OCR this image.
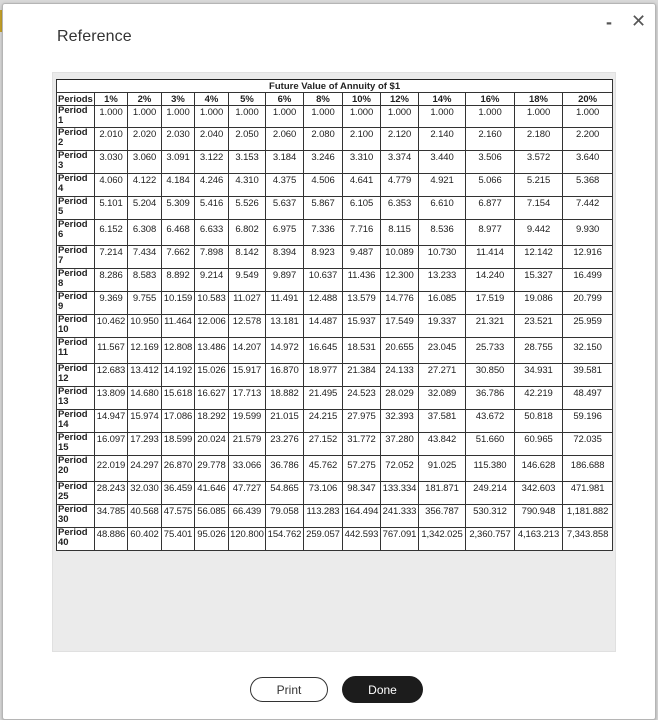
Reference
- ✕
Future Value of Annuity of $1													
Periods	1%	2%	3%	4%	5%	6%	8%	10%	12%	14%	16%	18%	20%
Period 1	1.000	1.000	1.000	1.000	1.000	1.000	1.000	1.000	1.000	1.000	1.000	1.000	1.000
Period 2	2.010	2.020	2.030	2.040	2.050	2.060	2.080	2.100	2.120	2.140	2.160	2.180	2.200
Period 3	3.030	3.060	3.091	3.122	3.153	3.184	3.246	3.310	3.374	3.440	3.506	3.572	3.640
Period 4	4.060	4.122	4.184	4.246	4.310	4.375	4.506	4.641	4.779	4.921	5.066	5.215	5.368
Period 5	5.101	5.204	5.309	5.416	5.526	5.637	5.867	6.105	6.353	6.610	6.877	7.154	7.442
Period 6	6.152	6.308	6.468	6.633	6.802	6.975	7.336	7.716	8.115	8.536	8.977	9.442	9.930
Period 7	7.214	7.434	7.662	7.898	8.142	8.394	8.923	9.487	10.089	10.730	11.414	12.142	12.916
Period 8	8.286	8.583	8.892	9.214	9.549	9.897	10.637	11.436	12.300	13.233	14.240	15.327	16.499
Period 9	9.369	9.755	10.159	10.583	11.027	11.491	12.488	13.579	14.776	16.085	17.519	19.086	20.799
Period 10	10.462	10.950	11.464	12.006	12.578	13.181	14.487	15.937	17.549	19.337	21.321	23.521	25.959
Period 11	11.567	12.169	12.808	13.486	14.207	14.972	16.645	18.531	20.655	23.045	25.733	28.755	32.150
Period 12	12.683	13.412	14.192	15.026	15.917	16.870	18.977	21.384	24.133	27.271	30.850	34.931	39.581
Period 13	13.809	14.680	15.618	16.627	17.713	18.882	21.495	24.523	28.029	32.089	36.786	42.219	48.497
Period 14	14.947	15.974	17.086	18.292	19.599	21.015	24.215	27.975	32.393	37.581	43.672	50.818	59.196
Period 15	16.097	17.293	18.599	20.024	21.579	23.276	27.152	31.772	37.280	43.842	51.660	60.965	72.035
Period 20	22.019	24.297	26.870	29.778	33.066	36.786	45.762	57.275	72.052	91.025	115.380	146.628	186.688
Period 25	28.243	32.030	36.459	41.646	47.727	54.865	73.106	98.347	133.334	181.871	249.214	342.603	471.981
Period 30	34.785	40.568	47.575	56.085	66.439	79.058	113.283	164.494	241.333	356.787	530.312	790.948	1,181.882
Period 40	48.886	60.402	75.401	95.026	120.800	154.762	259.057	442.593	767.091	1,342.025	2,360.757	4,163.213	7,343.858
Print	Done
